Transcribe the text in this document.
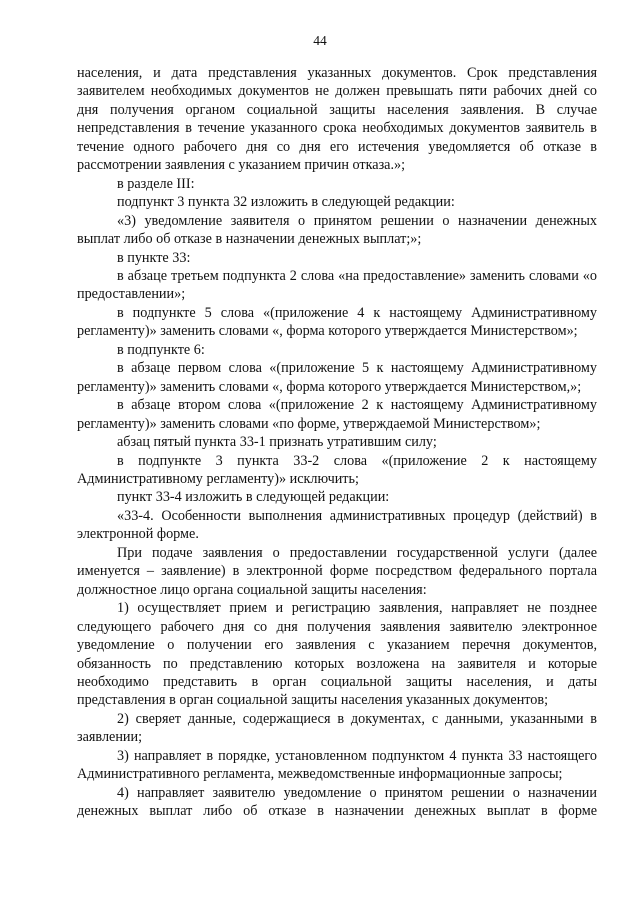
44

населения, и дата представления указанных документов. Срок представления заявителем необходимых документов не должен превышать пяти рабочих дней со дня получения органом социальной защиты населения заявления. В случае непредставления в течение указанного срока необходимых документов заявитель в течение одного рабочего дня со дня его истечения уведомляется об отказе в рассмотрении заявления с указанием причин отказа.»;

в разделе III:

подпункт 3 пункта 32 изложить в следующей редакции:

«3) уведомление заявителя о принятом решении о назначении денежных выплат либо об отказе в назначении денежных выплат;»;

в пункте 33:

в абзаце третьем подпункта 2 слова «на предоставление» заменить словами «о предоставлении»;

в подпункте 5 слова «(приложение 4 к настоящему Административному регламенту)» заменить словами «, форма которого утверждается Министерством»;

в подпункте 6:

в абзаце первом слова «(приложение 5 к настоящему Административному регламенту)» заменить словами «, форма которого утверждается Министерством,»;

в абзаце втором слова «(приложение 2 к настоящему Административному регламенту)» заменить словами «по форме, утверждаемой Министерством»;

абзац пятый пункта 33-1 признать утратившим силу;

в подпункте 3 пункта 33-2 слова «(приложение 2 к настоящему Административному регламенту)» исключить;

пункт 33-4 изложить в следующей редакции:

«33-4. Особенности выполнения административных процедур (действий) в электронной форме.

При подаче заявления о предоставлении государственной услуги (далее именуется – заявление) в электронной форме посредством федерального портала должностное лицо органа социальной защиты населения:

1) осуществляет прием и регистрацию заявления, направляет не позднее следующего рабочего дня со дня получения заявления заявителю электронное уведомление о получении его заявления с указанием перечня документов, обязанность по представлению которых возложена на заявителя и которые необходимо представить в орган социальной защиты населения, и даты представления в орган социальной защиты населения указанных документов;

2) сверяет данные, содержащиеся в документах, с данными, указанными в заявлении;

3) направляет в порядке, установленном подпунктом 4 пункта 33 настоящего Административного регламента, межведомственные информационные запросы;

4) направляет заявителю уведомление о принятом решении о назначении денежных выплат либо об отказе в назначении денежных выплат в форме
